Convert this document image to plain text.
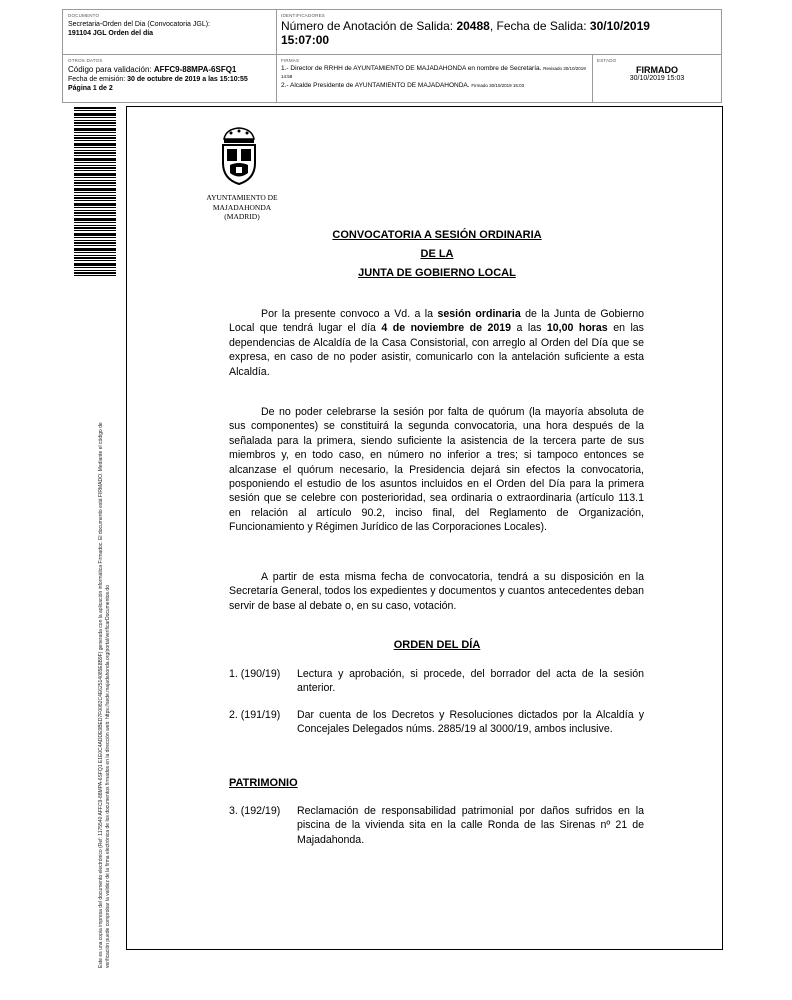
DOCUMENTO
Secretaria-Orden del Dia (Convocatoria JGL):
191104 JGL Orden del día
IDENTIFICADORES
Número de Anotación de Salida: 20488, Fecha de Salida: 30/10/2019
15:07:00
OTROS DATOS
Código para validación: AFFC9-88MPA-6SFQ1
Fecha de emisión: 30 de octubre de 2019 a las 15:10:55
Página 1 de 2
FIRMAS
1.- Director de RRHH de AYUNTAMIENTO DE MAJADAHONDA en nombre de Secretaría. Revisado 30/10/2019 14:58
2.- Alcalde Presidente de AYUNTAMIENTO DE MAJADAHONDA. Firmado 30/10/2019 15:03
ESTADO
FIRMADO
30/10/2019 15:03
Este es una copia impresa del documento electrónico (Ref: 1175540 AFFC9-88MPA-6SFQ1 E1E0C4ADDE9BED7F0082C4E62514085E8B9F) generada con la aplicación informática Firmadoc. El documento está FIRMADO. Mediante el código de verificación puede comprobar la validez de la firma electrónica de los documentos firmados en la dirección web: https://sede.majadahonda.org/portal/verificarDocumentos.do
AYUNTAMIENTO DE
MAJADAHONDA
(MADRID)
CONVOCATORIA A SESIÓN ORDINARIA
DE LA
JUNTA DE GOBIERNO LOCAL
Por la presente convoco a Vd. a la sesión ordinaria de la Junta de Gobierno Local que tendrá lugar el día 4 de noviembre de 2019 a las 10,00 horas en las dependencias de Alcaldía de la Casa Consistorial, con arreglo al Orden del Día que se expresa, en caso de no poder asistir, comunicarlo con la antelación suficiente a esta Alcaldía.
De no poder celebrarse la sesión por falta de quórum (la mayoría absoluta de sus componentes) se constituirá la segunda convocatoria, una hora después de la señalada para la primera, siendo suficiente la asistencia de la tercera parte de sus miembros y, en todo caso, en número no inferior a tres; si tampoco entonces se alcanzase el quórum necesario, la Presidencia dejará sin efectos la convocatoria, posponiendo el estudio de los asuntos incluidos en el Orden del Día para la primera sesión que se celebre con posterioridad, sea ordinaria o extraordinaria (artículo 113.1 en relación al artículo 90.2, inciso final, del Reglamento de Organización, Funcionamiento y Régimen Jurídico de las Corporaciones Locales).
A partir de esta misma fecha de convocatoria, tendrá a su disposición en la Secretaría General, todos los expedientes y documentos y cuantos antecedentes deban servir de base al debate o, en su caso, votación.
ORDEN DEL DÍA
1. (190/19) Lectura y aprobación, si procede, del borrador del acta de la sesión anterior.
2. (191/19) Dar cuenta de los Decretos y Resoluciones dictados por la Alcaldía y Concejales Delegados núms. 2885/19 al 3000/19, ambos inclusive.
PATRIMONIO
3. (192/19) Reclamación de responsabilidad patrimonial por daños sufridos en la piscina de la vivienda sita en la calle Ronda de las Sirenas nº 21 de Majadahonda.
